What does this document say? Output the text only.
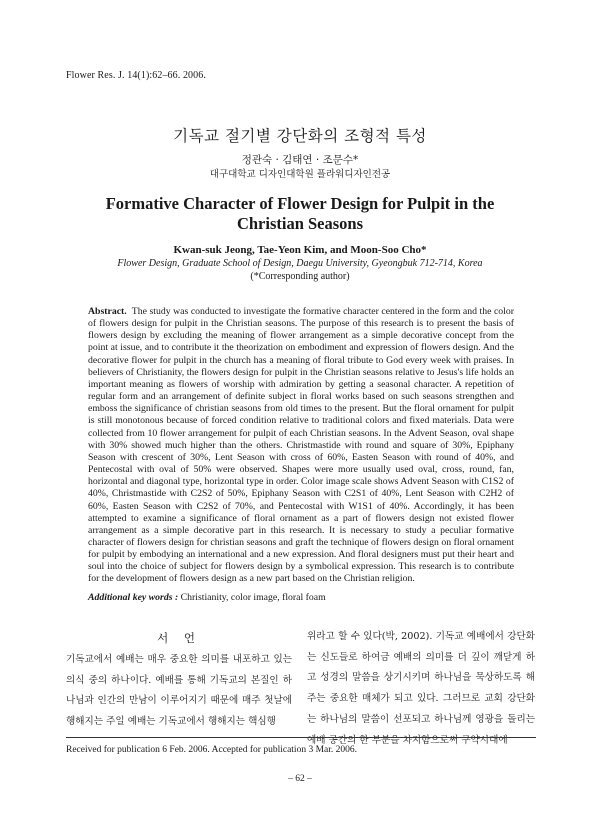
Flower Res. J. 14(1):62–66. 2006.
기독교 절기별 강단화의 조형적 특성
정관숙 · 김태연 · 조문수*
대구대학교 디자인대학원 플라워디자인전공
Formative Character of Flower Design for Pulpit in the Christian Seasons
Kwan-suk Jeong, Tae-Yeon Kim, and Moon-Soo Cho*
Flower Design, Graduate School of Design, Daegu University, Gyeongbuk 712-714, Korea
(*Corresponding author)
Abstract. The study was conducted to investigate the formative character centered in the form and the color of flowers design for pulpit in the Christian seasons. The purpose of this research is to present the basis of flowers design by excluding the meaning of flower arrangement as a simple decorative concept from the point at issue, and to contribute it the theorization on embodiment and expression of flowers design. And the decorative flower for pulpit in the church has a meaning of floral tribute to God every week with praises. In believers of Christianity, the flowers design for pulpit in the Christian seasons relative to Jesus's life holds an important meaning as flowers of worship with admiration by getting a seasonal character. A repetition of regular form and an arrangement of definite subject in floral works based on such seasons strengthen and emboss the significance of christian seasons from old times to the present. But the floral ornament for pulpit is still monotonous because of forced condition relative to traditional colors and fixed materials. Data were collected from 10 flower arrangement for pulpit of each Christian seasons. In the Advent Season, oval shape with 30% showed much higher than the others. Christmastide with round and square of 30%, Epiphany Season with crescent of 30%, Lent Season with cross of 60%, Easten Season with round of 40%, and Pentecostal with oval of 50% were observed. Shapes were more usually used oval, cross, round, fan, horizontal and diagonal type, horizontal type in order. Color image scale shows Advent Season with C1S2 of 40%, Christmastide with C2S2 of 50%, Epiphany Season with C2S1 of 40%, Lent Season with C2H2 of 60%, Easten Season with C2S2 of 70%, and Pentecostal with W1S1 of 40%. Accordingly, it has been attempted to examine a significance of floral ornament as a part of flowers design not existed flower arrangement as a simple decorative part in this research. It is necessary to study a peculiar formative character of flowers design for christian seasons and graft the technique of flowers design on floral ornament for pulpit by embodying an international and a new expression. And floral designers must put their heart and soul into the choice of subject for flowers design by a symbolical expression. This research is to contribute for the development of flowers design as a new part based on the Christian religion.
Additional key words : Christianity, color image, floral foam
서 언
기독교에서 예배는 매우 중요한 의미를 내포하고 있는 의식 중의 하나이다. 예배를 통해 기독교의 본질인 하나님과 인간의 만남이 이루어지기 때문에 매주 첫날에 행해지는 주일 예배는 기독교에서 행해지는 핵심행
위라고 할 수 있다(박, 2002). 기독교 예배에서 강단화는 신도들로 하여금 예배의 의미를 더 깊이 깨닫게 하고 성경의 말씀을 상기시키며 하나님을 묵상하도록 해주는 중요한 매체가 되고 있다. 그러므로 교회 강단화는 하나님의 말씀이 선포되고 하나님께 영광을 돌리는 예배 공간의 한 부분을 차지함으로써 구약시대에
Received for publication 6 Feb. 2006. Accepted for publication 3 Mar. 2006.
– 62 –
